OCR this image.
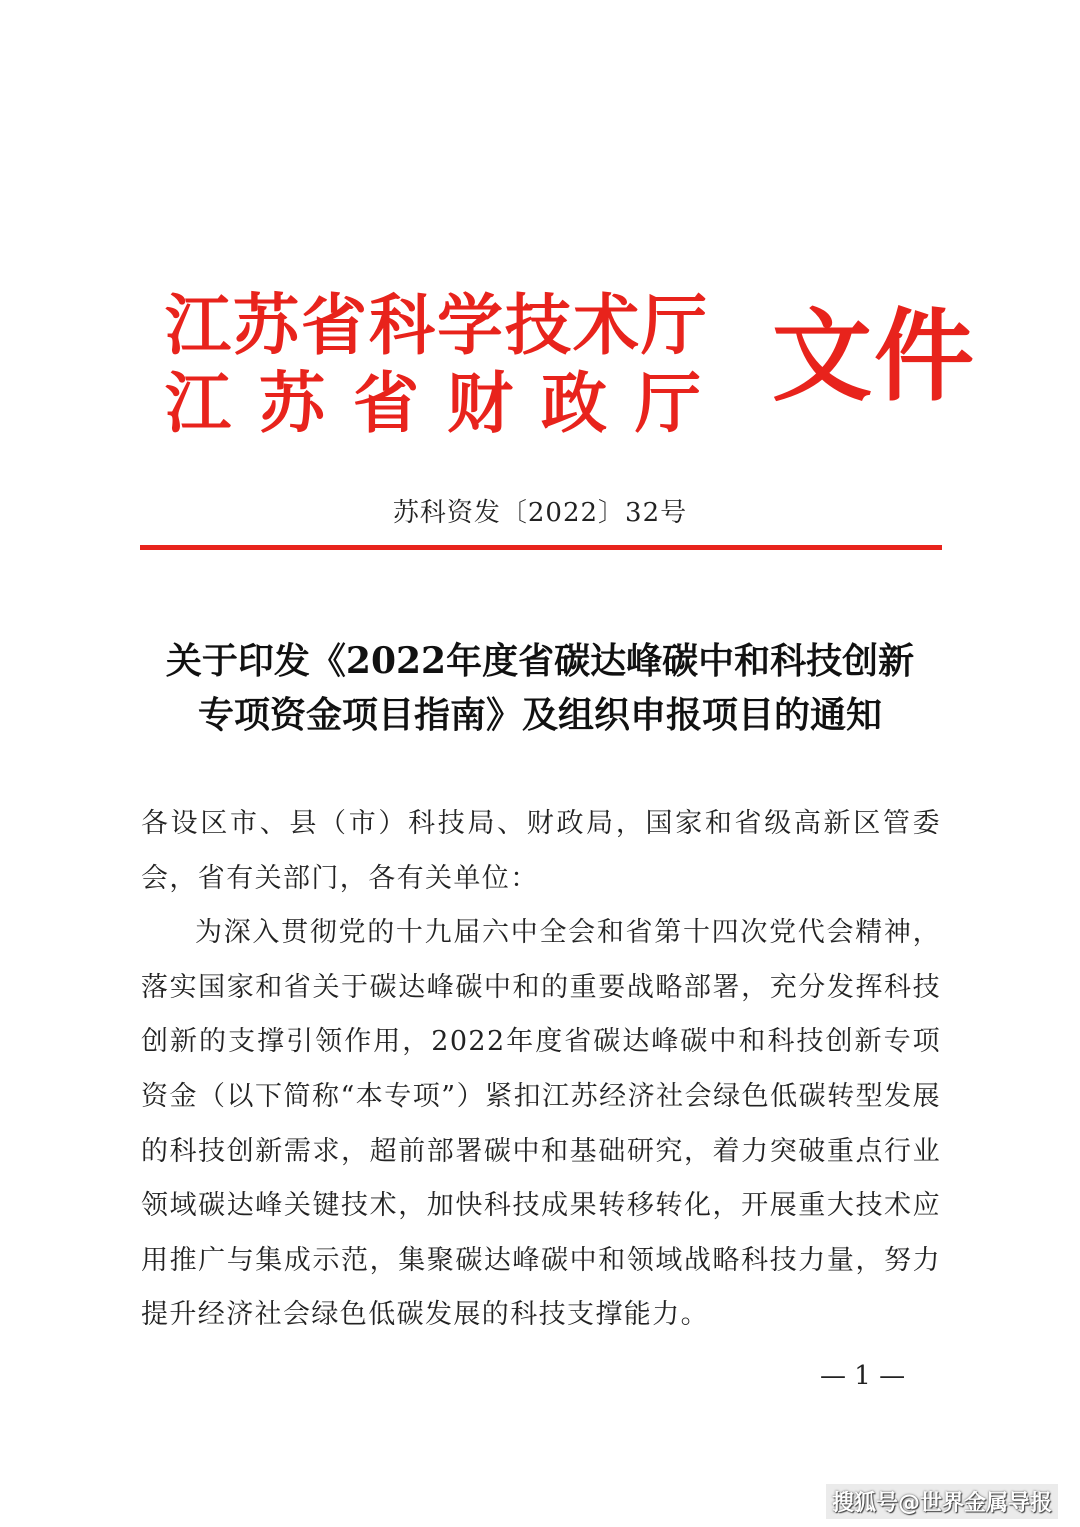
江苏省科学技术厅
江苏省财政厅 文件
苏科资发〔2022〕32号
关于印发《2022年度省碳达峰碳中和科技创新
专项资金项目指南》及组织申报项目的通知

各设区市、县（市）科技局、财政局，国家和省级高新区管委会，省有关部门，各有关单位：

为深入贯彻党的十九届六中全会和省第十四次党代会精神，落实国家和省关于碳达峰碳中和的重要战略部署，充分发挥科技创新的支撑引领作用，2022年度省碳达峰碳中和科技创新专项资金（以下简称“本专项”）紧扣江苏经济社会绿色低碳转型发展的科技创新需求，超前部署碳中和基础研究，着力突破重点行业领域碳达峰关键技术，加快科技成果转移转化，开展重大技术应用推广与集成示范，集聚碳达峰碳中和领域战略科技力量，努力提升经济社会绿色低碳发展的科技支撑能力。

— 1 —
搜狐号@世界金属导报
